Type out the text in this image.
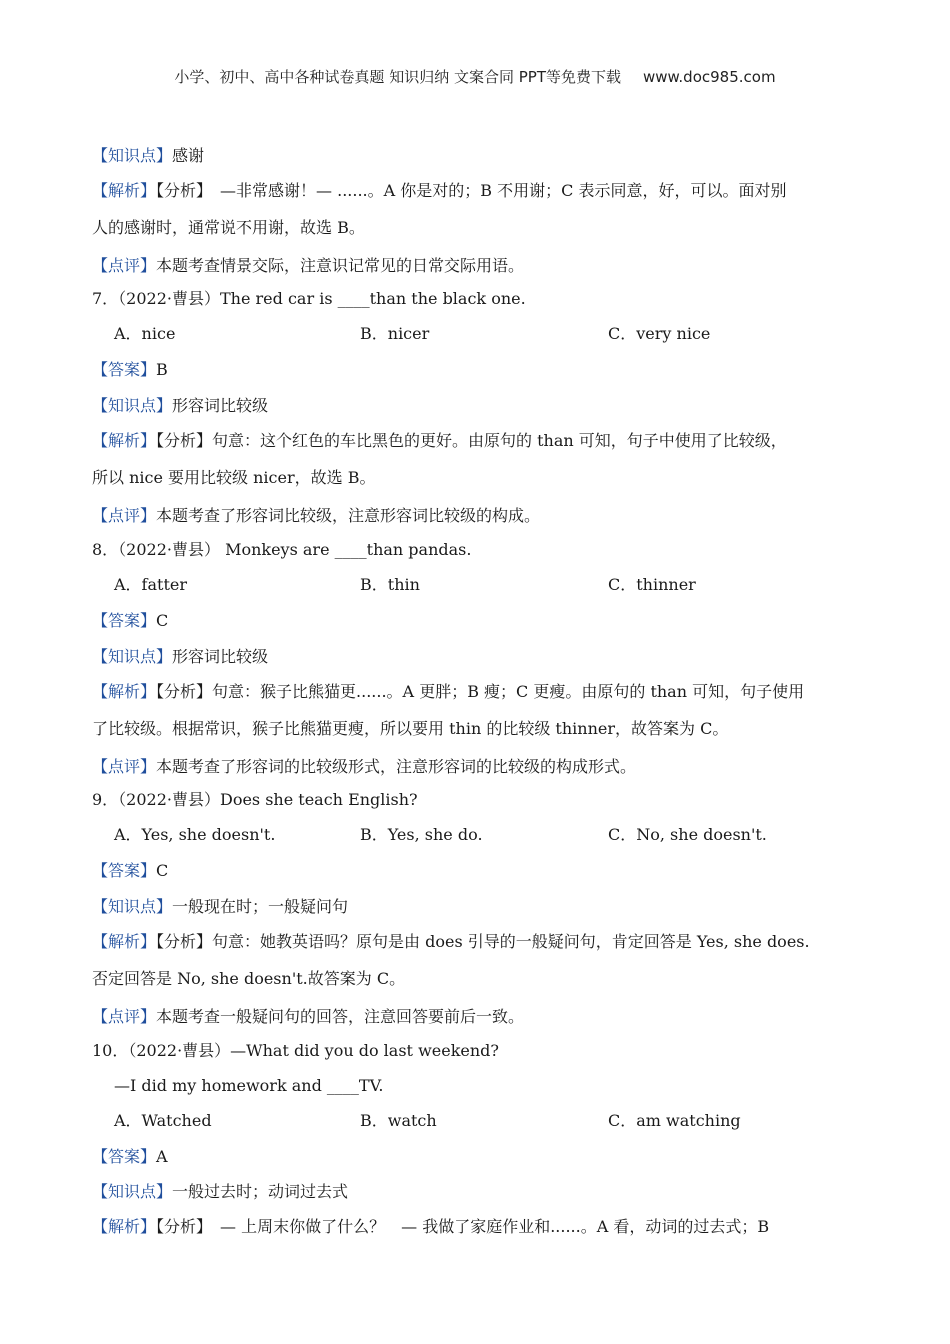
小学、初中、高中各种试卷真题 知识归纳 文案合同 PPT等免费下载 www.doc985.com
【知识点】感谢
【解析】【分析】　—非常感谢！— ......。A 你是对的；B 不用谢；C 表示同意，好，可以。面对别
人的感谢时，通常说不用谢，故选 B。
【点评】本题考查情景交际，注意识记常见的日常交际用语。
7．（2022·曹县）The red car is ____than the black one.
A．nice	B．nicer	C．very nice
【答案】B
【知识点】形容词比较级
【解析】【分析】句意：这个红色的车比黑色的更好。由原句的 than 可知，句子中使用了比较级，
所以 nice 要用比较级 nicer，故选 B。
【点评】本题考查了形容词比较级，注意形容词比较级的构成。
8．（2022·曹县） Monkeys are ____than pandas.
A．fatter	B．thin	C．thinner
【答案】C
【知识点】形容词比较级
【解析】【分析】句意：猴子比熊猫更......。A 更胖；B 瘦；C 更瘦。由原句的 than 可知，句子使用
了比较级。根据常识，猴子比熊猫更瘦，所以要用 thin 的比较级 thinner，故答案为 C。
【点评】本题考查了形容词的比较级形式，注意形容词的比较级的构成形式。
9．（2022·曹县）Does she teach English?
A．Yes, she doesn't.	B．Yes, she do.	C．No, she doesn't.
【答案】C
【知识点】一般现在时；一般疑问句
【解析】【分析】句意：她教英语吗？原句是由 does 引导的一般疑问句，肯定回答是 Yes, she does.
否定回答是 No, she doesn't.故答案为 C。
【点评】本题考查一般疑问句的回答，注意回答要前后一致。
10．（2022·曹县）—What did you do last weekend?
—I did my homework and ____TV.
A．Watched	B．watch	C．am watching
【答案】A
【知识点】一般过去时；动词过去式
【解析】【分析】　— 上周末你做了什么？　— 我做了家庭作业和......。A 看，动词的过去式；B
